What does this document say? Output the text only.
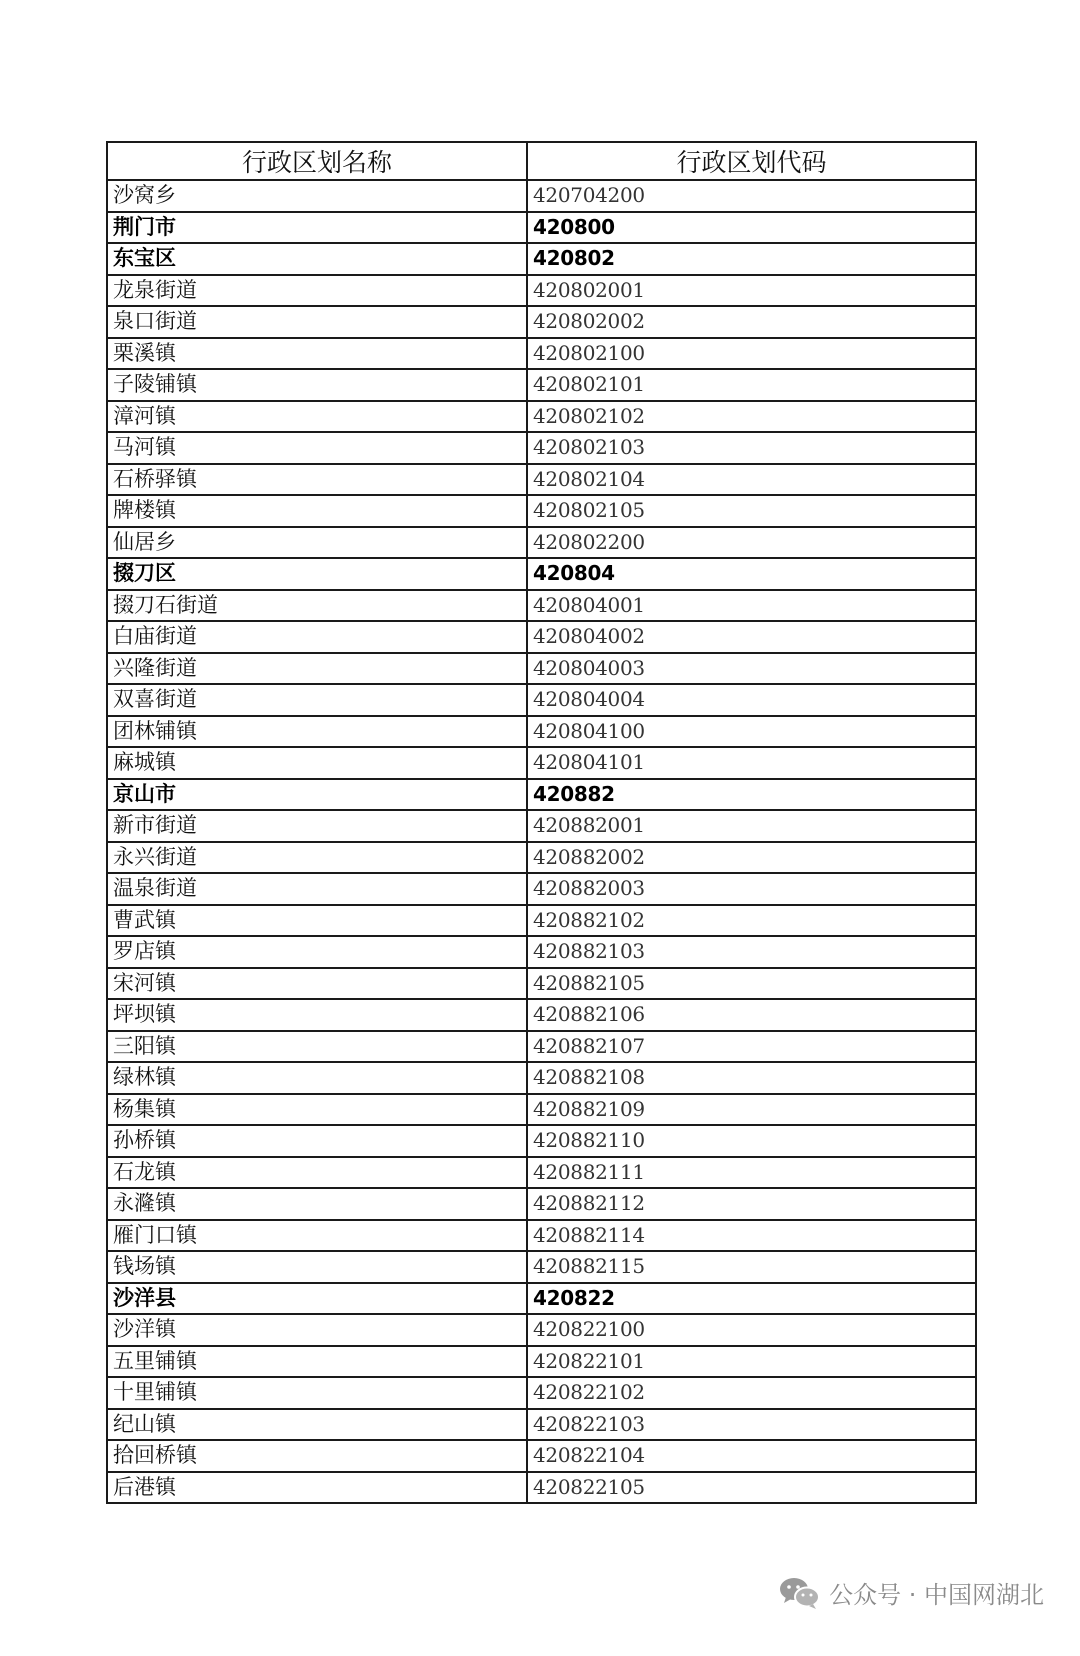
行政区划名称	行政区划代码
沙窝乡	420704200
荆门市	420800
东宝区	420802
龙泉街道	420802001
泉口街道	420802002
栗溪镇	420802100
子陵铺镇	420802101
漳河镇	420802102
马河镇	420802103
石桥驿镇	420802104
牌楼镇	420802105
仙居乡	420802200
掇刀区	420804
掇刀石街道	420804001
白庙街道	420804002
兴隆街道	420804003
双喜街道	420804004
团林铺镇	420804100
麻城镇	420804101
京山市	420882
新市街道	420882001
永兴街道	420882002
温泉街道	420882003
曹武镇	420882102
罗店镇	420882103
宋河镇	420882105
坪坝镇	420882106
三阳镇	420882107
绿林镇	420882108
杨集镇	420882109
孙桥镇	420882110
石龙镇	420882111
永漋镇	420882112
雁门口镇	420882114
钱场镇	420882115
沙洋县	420822
沙洋镇	420822100
五里铺镇	420822101
十里铺镇	420822102
纪山镇	420822103
拾回桥镇	420822104
后港镇	420822105
公众号 · 中国网湖北
